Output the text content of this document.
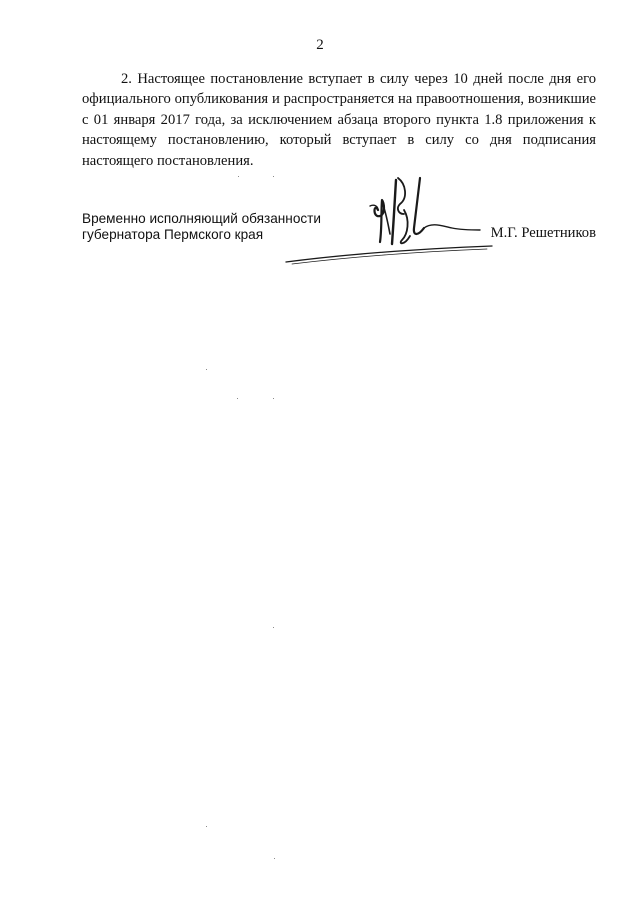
2

2. Настоящее постановление вступает в силу через 10 дней после дня его официального опубликования и распространяется на правоотношения, возникшие с 01 января 2017 года, за исключением абзаца второго пункта 1.8 приложения к настоящему постановлению, который вступает в силу со дня подписания настоящего постановления.

Временно исполняющий обязанности
губернатора Пермского края	М.Г. Решетников
